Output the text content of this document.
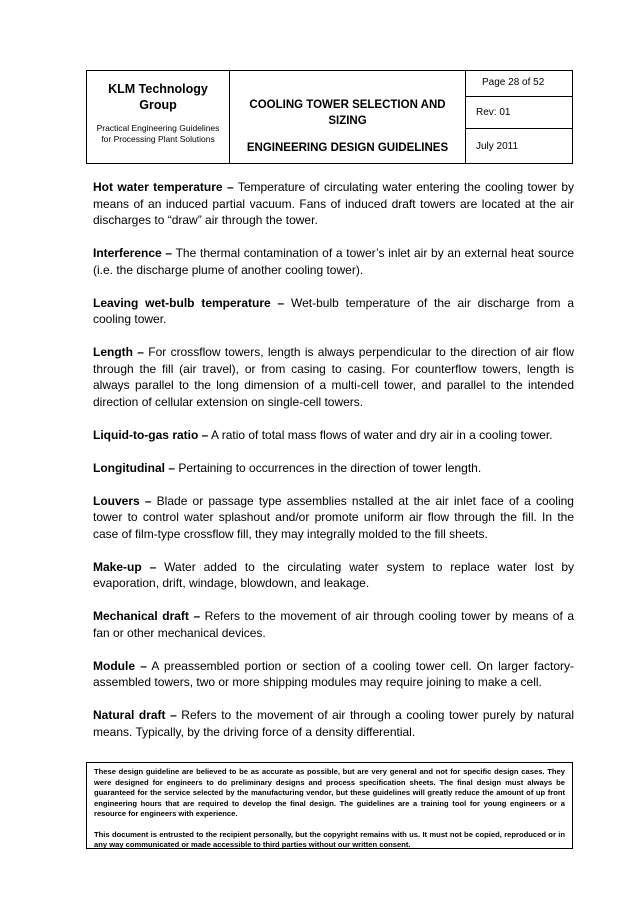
KLM Technology Group
Practical Engineering Guidelines for Processing Plant Solutions
COOLING TOWER SELECTION AND SIZING
ENGINEERING DESIGN GUIDELINES
Page 28 of 52
Rev: 01
July 2011

Hot water temperature – Temperature of circulating water entering the cooling tower by means of an induced partial vacuum. Fans of induced draft towers are located at the air discharges to “draw” air through the tower.

Interference – The thermal contamination of a tower’s inlet air by an external heat source (i.e. the discharge plume of another cooling tower).

Leaving wet-bulb temperature – Wet-bulb temperature of the air discharge from a cooling tower.

Length – For crossflow towers, length is always perpendicular to the direction of air flow through the fill (air travel), or from casing to casing. For counterflow towers, length is always parallel to the long dimension of a multi-cell tower, and parallel to the intended direction of cellular extension on single-cell towers.

Liquid-to-gas ratio – A ratio of total mass flows of water and dry air in a cooling tower.

Longitudinal – Pertaining to occurrences in the direction of tower length.

Louvers – Blade or passage type assemblies nstalled at the air inlet face of a cooling tower to control water splashout and/or promote uniform air flow through the fill. In the case of film-type crossflow fill, they may integrally molded to the fill sheets.

Make-up – Water added to the circulating water system to replace water lost by evaporation, drift, windage, blowdown, and leakage.

Mechanical draft – Refers to the movement of air through cooling tower by means of a fan or other mechanical devices.

Module – A preassembled portion or section of a cooling tower cell. On larger factory-assembled towers, two or more shipping modules may require joining to make a cell.

Natural draft – Refers to the movement of air through a cooling tower purely by natural means. Typically, by the driving force of a density differential.

These design guideline are believed to be as accurate as possible, but are very general and not for specific design cases. They were designed for engineers to do preliminary designs and process specification sheets. The final design must always be guaranteed for the service selected by the manufacturing vendor, but these guidelines will greatly reduce the amount of up front engineering hours that are required to develop the final design. The guidelines are a training tool for young engineers or a resource for engineers with experience.

This document is entrusted to the recipient personally, but the copyright remains with us. It must not be copied, reproduced or in any way communicated or made accessible to third parties without our written consent.
